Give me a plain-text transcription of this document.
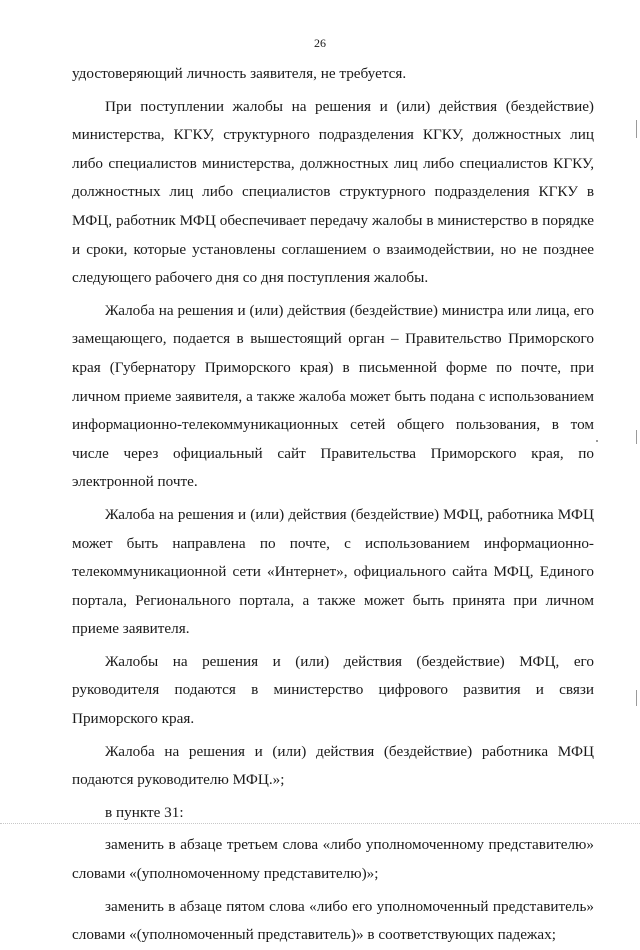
26

удостоверяющий личность заявителя, не требуется.

При поступлении жалобы на решения и (или) действия (бездействие) министерства, КГКУ, структурного подразделения КГКУ, должностных лиц либо специалистов министерства, должностных лиц либо специалистов КГКУ, должностных лиц либо специалистов структурного подразделения КГКУ в МФЦ, работник МФЦ обеспечивает передачу жалобы в министерство в порядке и сроки, которые установлены соглашением о взаимодействии, но не позднее следующего рабочего дня со дня поступления жалобы.

Жалоба на решения и (или) действия (бездействие) министра или лица, его замещающего, подается в вышестоящий орган – Правительство Приморского края (Губернатору Приморского края) в письменной форме по почте, при личном приеме заявителя, а также жалоба может быть подана с использованием информационно-телекоммуникационных сетей общего пользования, в том числе через официальный сайт Правительства Приморского края, по электронной почте.

Жалоба на решения и (или) действия (бездействие) МФЦ, работника МФЦ может быть направлена по почте, с использованием информационно-телекоммуникационной сети «Интернет», официального сайта МФЦ, Единого портала, Регионального портала, а также может быть принята при личном приеме заявителя.

Жалобы на решения и (или) действия (бездействие) МФЦ, его руководителя подаются в министерство цифрового развития и связи Приморского края.

Жалоба на решения и (или) действия (бездействие) работника МФЦ подаются руководителю МФЦ.»;

в пункте 31:

заменить в абзаце третьем слова «либо уполномоченному представителю» словами «(уполномоченному представителю)»;

заменить в абзаце пятом слова «либо его уполномоченный представитель» словами «(уполномоченный представитель)» в соответствующих падежах;
